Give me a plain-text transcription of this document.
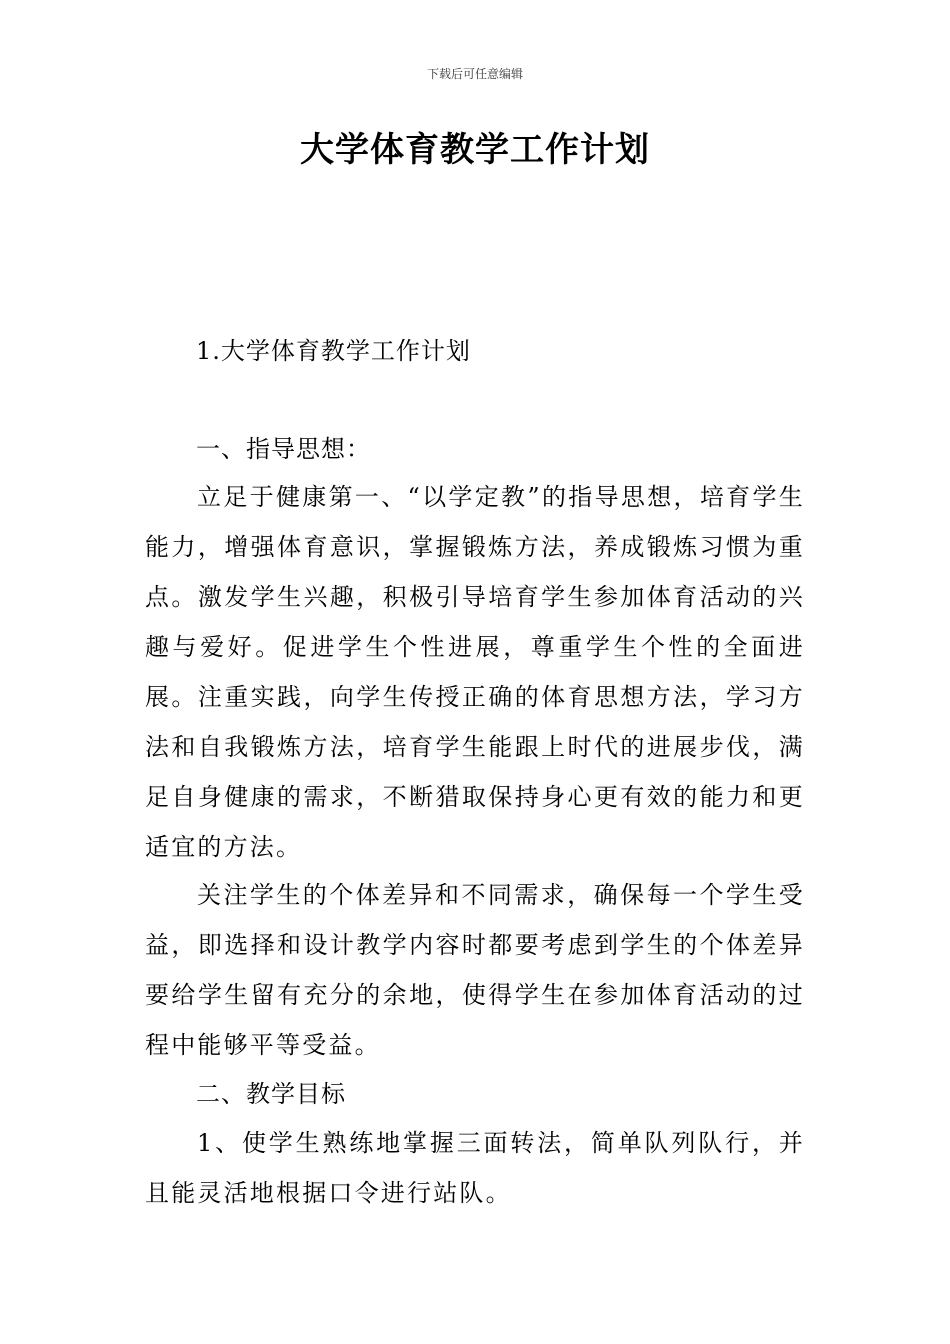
下载后可任意编辑
大学体育教学工作计划
1.大学体育教学工作计划
一、指导思想：

立足于健康第一、“以学定教”的指导思想，培育学生能力，增强体育意识，掌握锻炼方法，养成锻炼习惯为重点。激发学生兴趣，积极引导培育学生参加体育活动的兴趣与爱好。促进学生个性进展，尊重学生个性的全面进展。注重实践，向学生传授正确的体育思想方法，学习方法和自我锻炼方法，培育学生能跟上时代的进展步伐，满足自身健康的需求，不断猎取保持身心更有效的能力和更适宜的方法。

关注学生的个体差异和不同需求，确保每一个学生受益，即选择和设计教学内容时都要考虑到学生的个体差异要给学生留有充分的余地，使得学生在参加体育活动的过程中能够平等受益。

二、教学目标

1、使学生熟练地掌握三面转法，简单队列队行，并且能灵活地根据口令进行站队。
